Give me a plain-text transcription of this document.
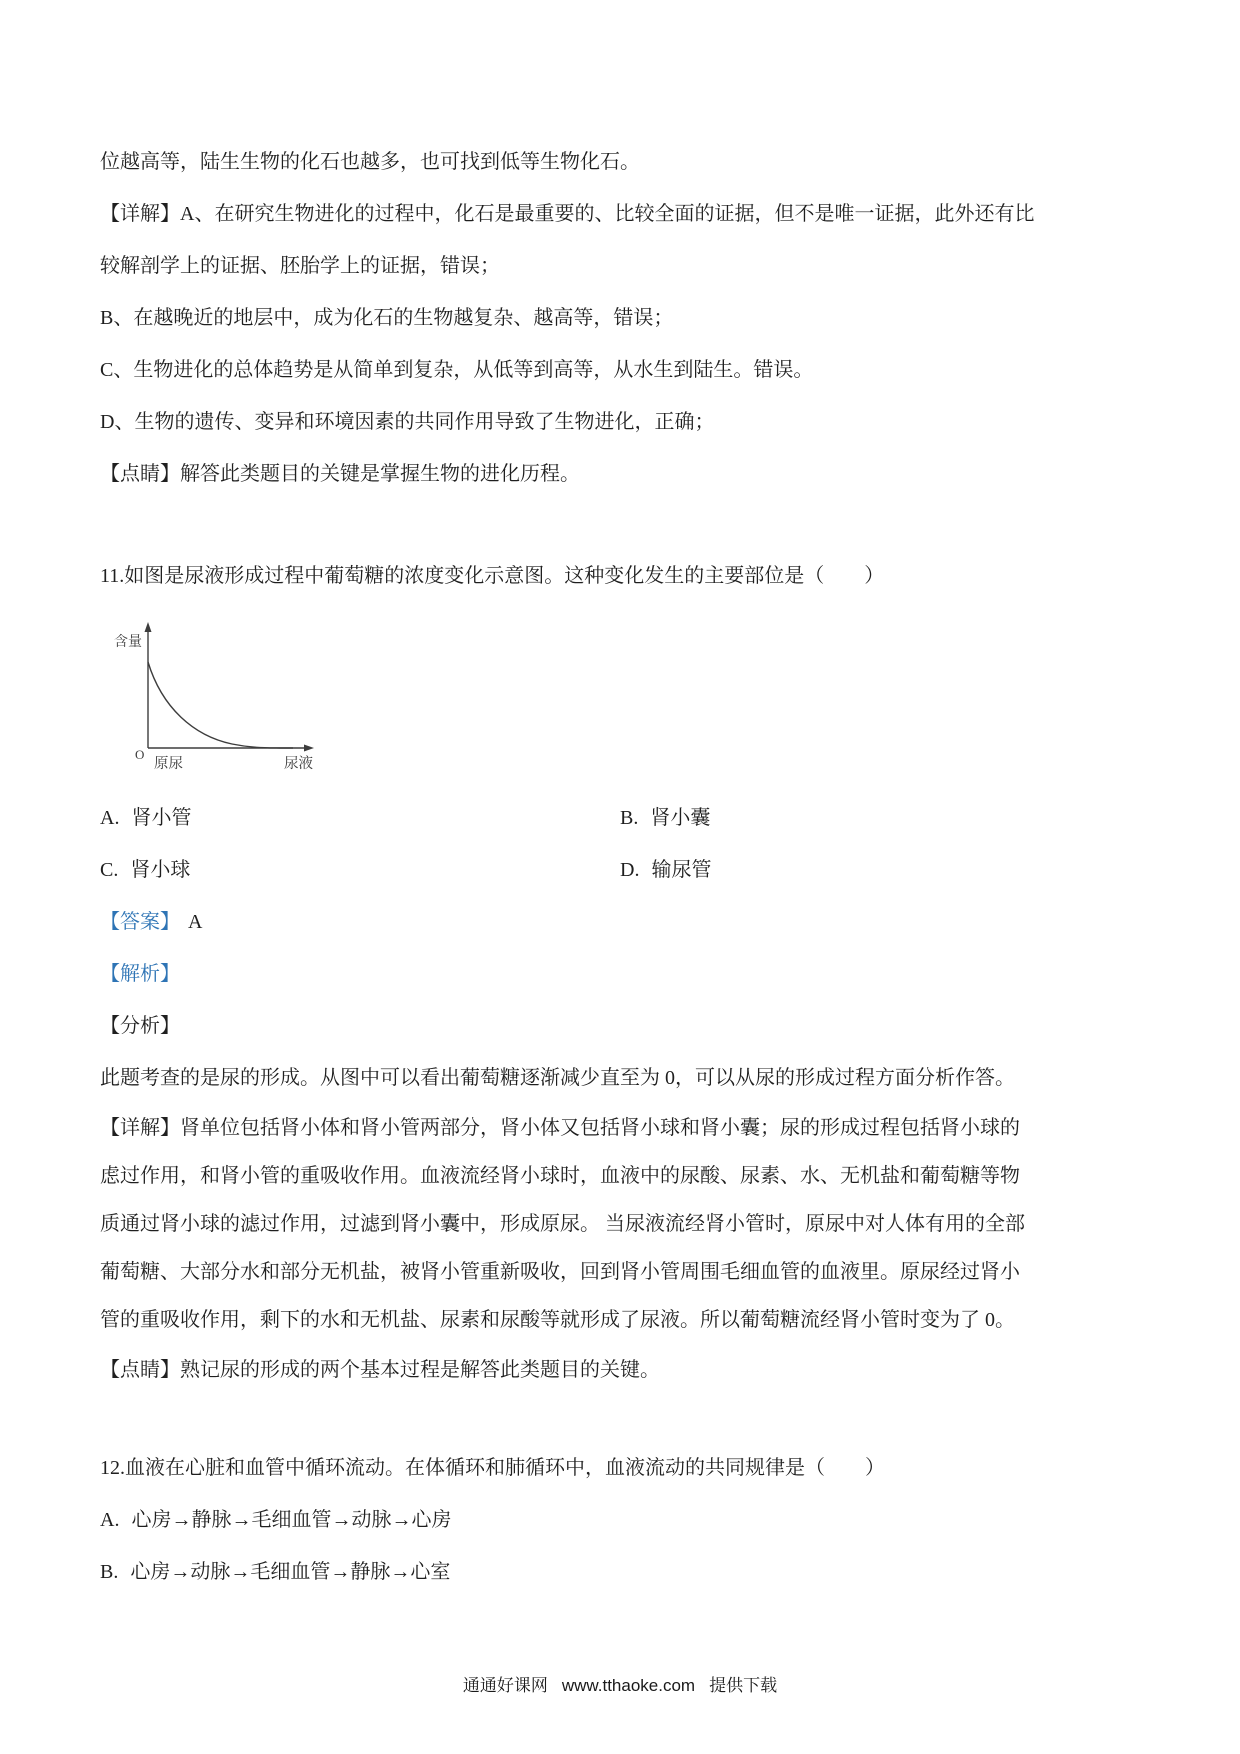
位越高等，陆生生物的化石也越多，也可找到低等生物化石。
【详解】A、在研究生物进化的过程中，化石是最重要的、比较全面的证据，但不是唯一证据，此外还有比
较解剖学上的证据、胚胎学上的证据，错误；
B、在越晚近的地层中，成为化石的生物越复杂、越高等，错误；
C、生物进化的总体趋势是从简单到复杂，从低等到高等，从水生到陆生。错误。
D、生物的遗传、变异和环境因素的共同作用导致了生物进化，正确；
【点睛】解答此类题目的关键是掌握生物的进化历程。
11.如图是尿液形成过程中葡萄糖的浓度变化示意图。这种变化发生的主要部位是（　　）
含量
O
原尿	尿液
A. 肾小管	B. 肾小囊
C. 肾小球	D. 输尿管
【答案】 A
【解析】
【分析】
此题考查的是尿的形成。从图中可以看出葡萄糖逐渐减少直至为 0，可以从尿的形成过程方面分析作答。
【详解】肾单位包括肾小体和肾小管两部分，肾小体又包括肾小球和肾小囊；尿的形成过程包括肾小球的
虑过作用，和肾小管的重吸收作用。血液流经肾小球时，血液中的尿酸、尿素、水、无机盐和葡萄糖等物
质通过肾小球的滤过作用，过滤到肾小囊中，形成原尿。 当尿液流经肾小管时，原尿中对人体有用的全部
葡萄糖、大部分水和部分无机盐，被肾小管重新吸收，回到肾小管周围毛细血管的血液里。原尿经过肾小
管的重吸收作用，剩下的水和无机盐、尿素和尿酸等就形成了尿液。所以葡萄糖流经肾小管时变为了 0。
【点睛】熟记尿的形成的两个基本过程是解答此类题目的关键。
12.血液在心脏和血管中循环流动。在体循环和肺循环中，血液流动的共同规律是（　　）
A. 心房→静脉→毛细血管→动脉→心房
B. 心房→动脉→毛细血管→静脉→心室
通通好课网 www.tthaoke.com 提供下载
